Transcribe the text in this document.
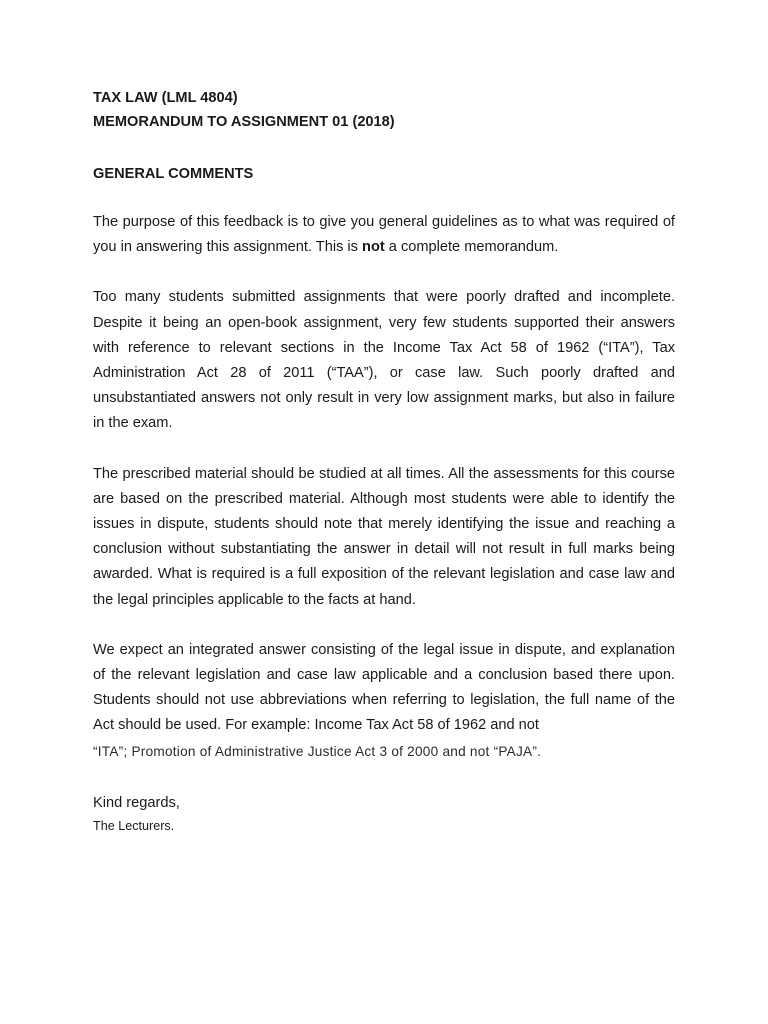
TAX LAW (LML 4804)

MEMORANDUM TO ASSIGNMENT 01 (2018)

GENERAL COMMENTS

The purpose of this feedback is to give you general guidelines as to what was required of you in answering this assignment. This is not a complete memorandum.

Too many students submitted assignments that were poorly drafted and incomplete. Despite it being an open-book assignment, very few students supported their answers with reference to relevant sections in the Income Tax Act 58 of 1962 (“ITA”), Tax Administration Act 28 of 2011 (“TAA”), or case law. Such poorly drafted and unsubstantiated answers not only result in very low assignment marks, but also in failure in the exam.

The prescribed material should be studied at all times. All the assessments for this course are based on the prescribed material. Although most students were able to identify the issues in dispute, students should note that merely identifying the issue and reaching a conclusion without substantiating the answer in detail will not result in full marks being awarded. What is required is a full exposition of the relevant legislation and case law and the legal principles applicable to the facts at hand.

We expect an integrated answer consisting of the legal issue in dispute, and explanation of the relevant legislation and case law applicable and a conclusion based there upon. Students should not use abbreviations when referring to legislation, the full name of the Act should be used. For example: Income Tax Act 58 of 1962 and not
“ITA”; Promotion of Administrative Justice Act 3 of 2000 and not “PAJA”.

Kind regards,

The Lecturers.
